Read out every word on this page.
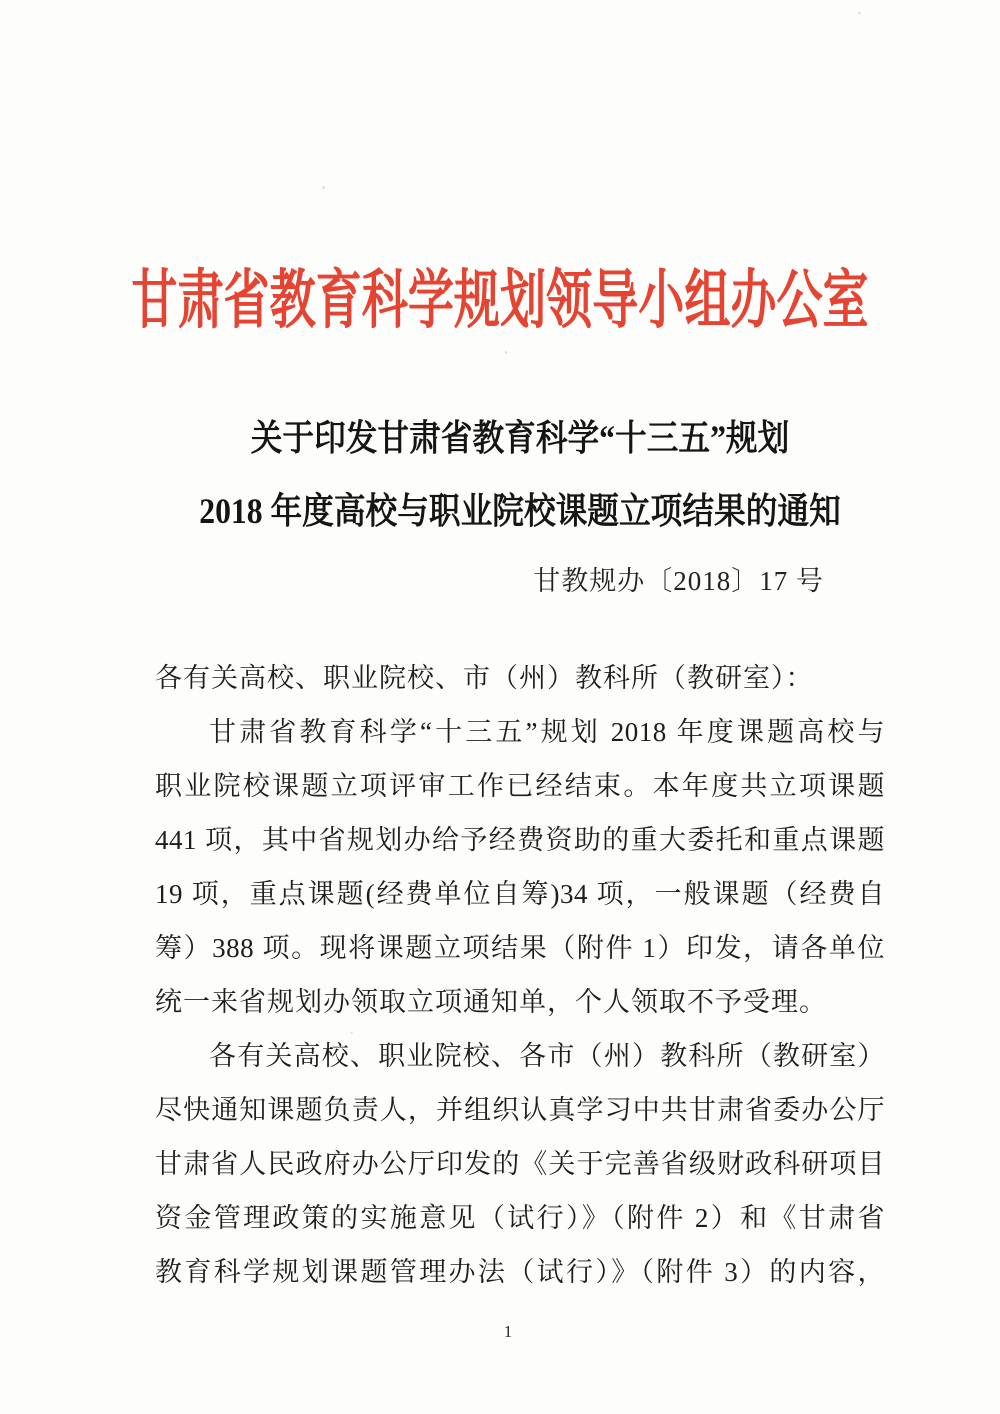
甘肃省教育科学规划领导小组办公室
关于印发甘肃省教育科学“十三五”规划
2018 年度高校与职业院校课题立项结果的通知
甘教规办〔2018〕17 号
各有关高校、职业院校、市（州）教科所（教研室）：
甘肃省教育科学“十三五”规划 2018 年度课题高校与
职业院校课题立项评审工作已经结束。本年度共立项课题
441 项，其中省规划办给予经费资助的重大委托和重点课题
19 项，重点课题(经费单位自筹)34 项，一般课题（经费自
筹）388 项。现将课题立项结果（附件 1）印发，请各单位
统一来省规划办领取立项通知单，个人领取不予受理。
各有关高校、职业院校、各市（州）教科所（教研室）
尽快通知课题负责人，并组织认真学习中共甘肃省委办公厅
甘肃省人民政府办公厅印发的《关于完善省级财政科研项目
资金管理政策的实施意见（试行）》（附件 2）和《甘肃省
教育科学规划课题管理办法（试行）》（附件 3）的内容，
1
